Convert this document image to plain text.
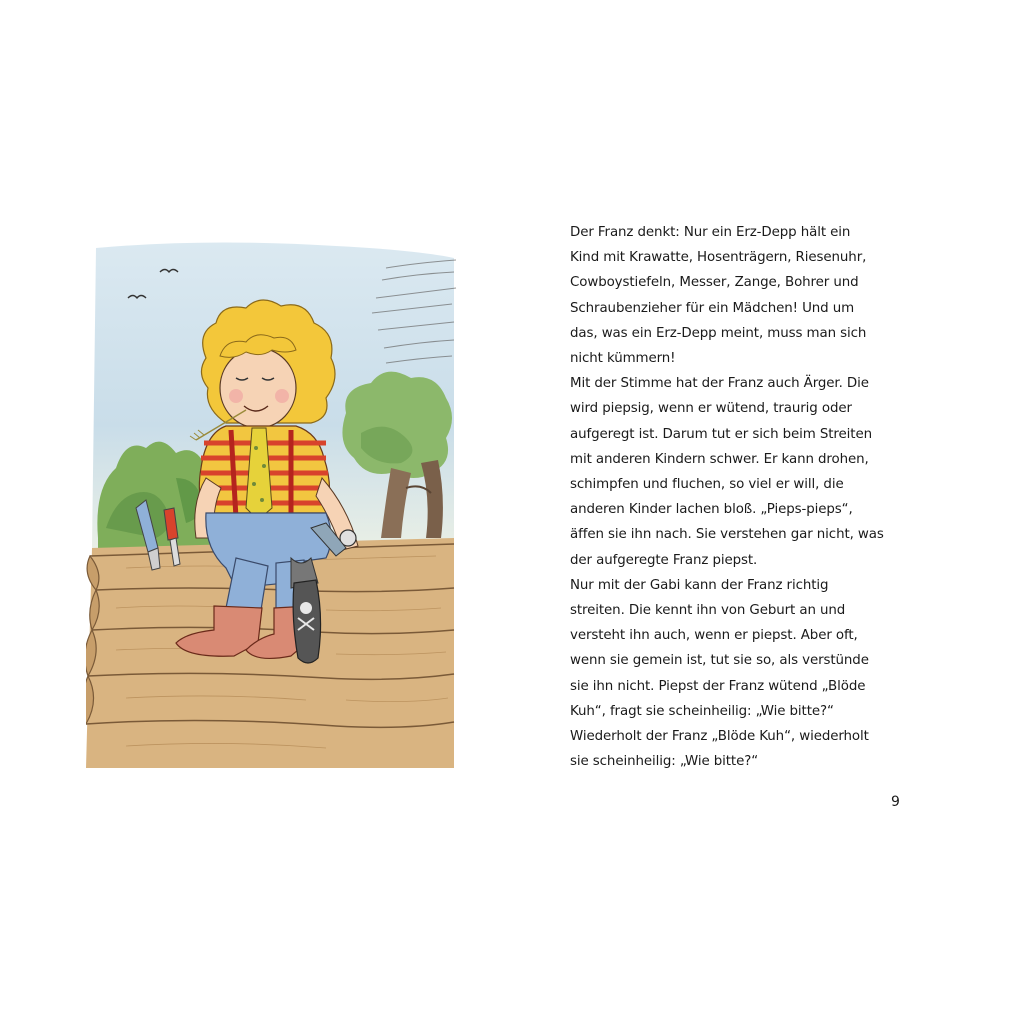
Der Franz denkt: Nur ein Erz-Depp hält ein
Kind mit Krawatte, Hosenträgern, Riesenuhr,
Cowboystiefeln, Messer, Zange, Bohrer und
Schraubenzieher für ein Mädchen! Und um
das, was ein Erz-Depp meint, muss man sich
nicht kümmern!
Mit der Stimme hat der Franz auch Ärger. Die
wird piepsig, wenn er wütend, traurig oder
aufgeregt ist. Darum tut er sich beim Streiten
mit anderen Kindern schwer. Er kann drohen,
schimpfen und fluchen, so viel er will, die
anderen Kinder lachen bloß. „Pieps-pieps“,
äffen sie ihn nach. Sie verstehen gar nicht, was
der aufgeregte Franz piepst.
Nur mit der Gabi kann der Franz richtig
streiten. Die kennt ihn von Geburt an und
versteht ihn auch, wenn er piepst. Aber oft,
wenn sie gemein ist, tut sie so, als verstünde
sie ihn nicht. Piepst der Franz wütend „Blöde
Kuh“, fragt sie scheinheilig: „Wie bitte?“
Wiederholt der Franz „Blöde Kuh“, wiederholt
sie scheinheilig: „Wie bitte?“
9
